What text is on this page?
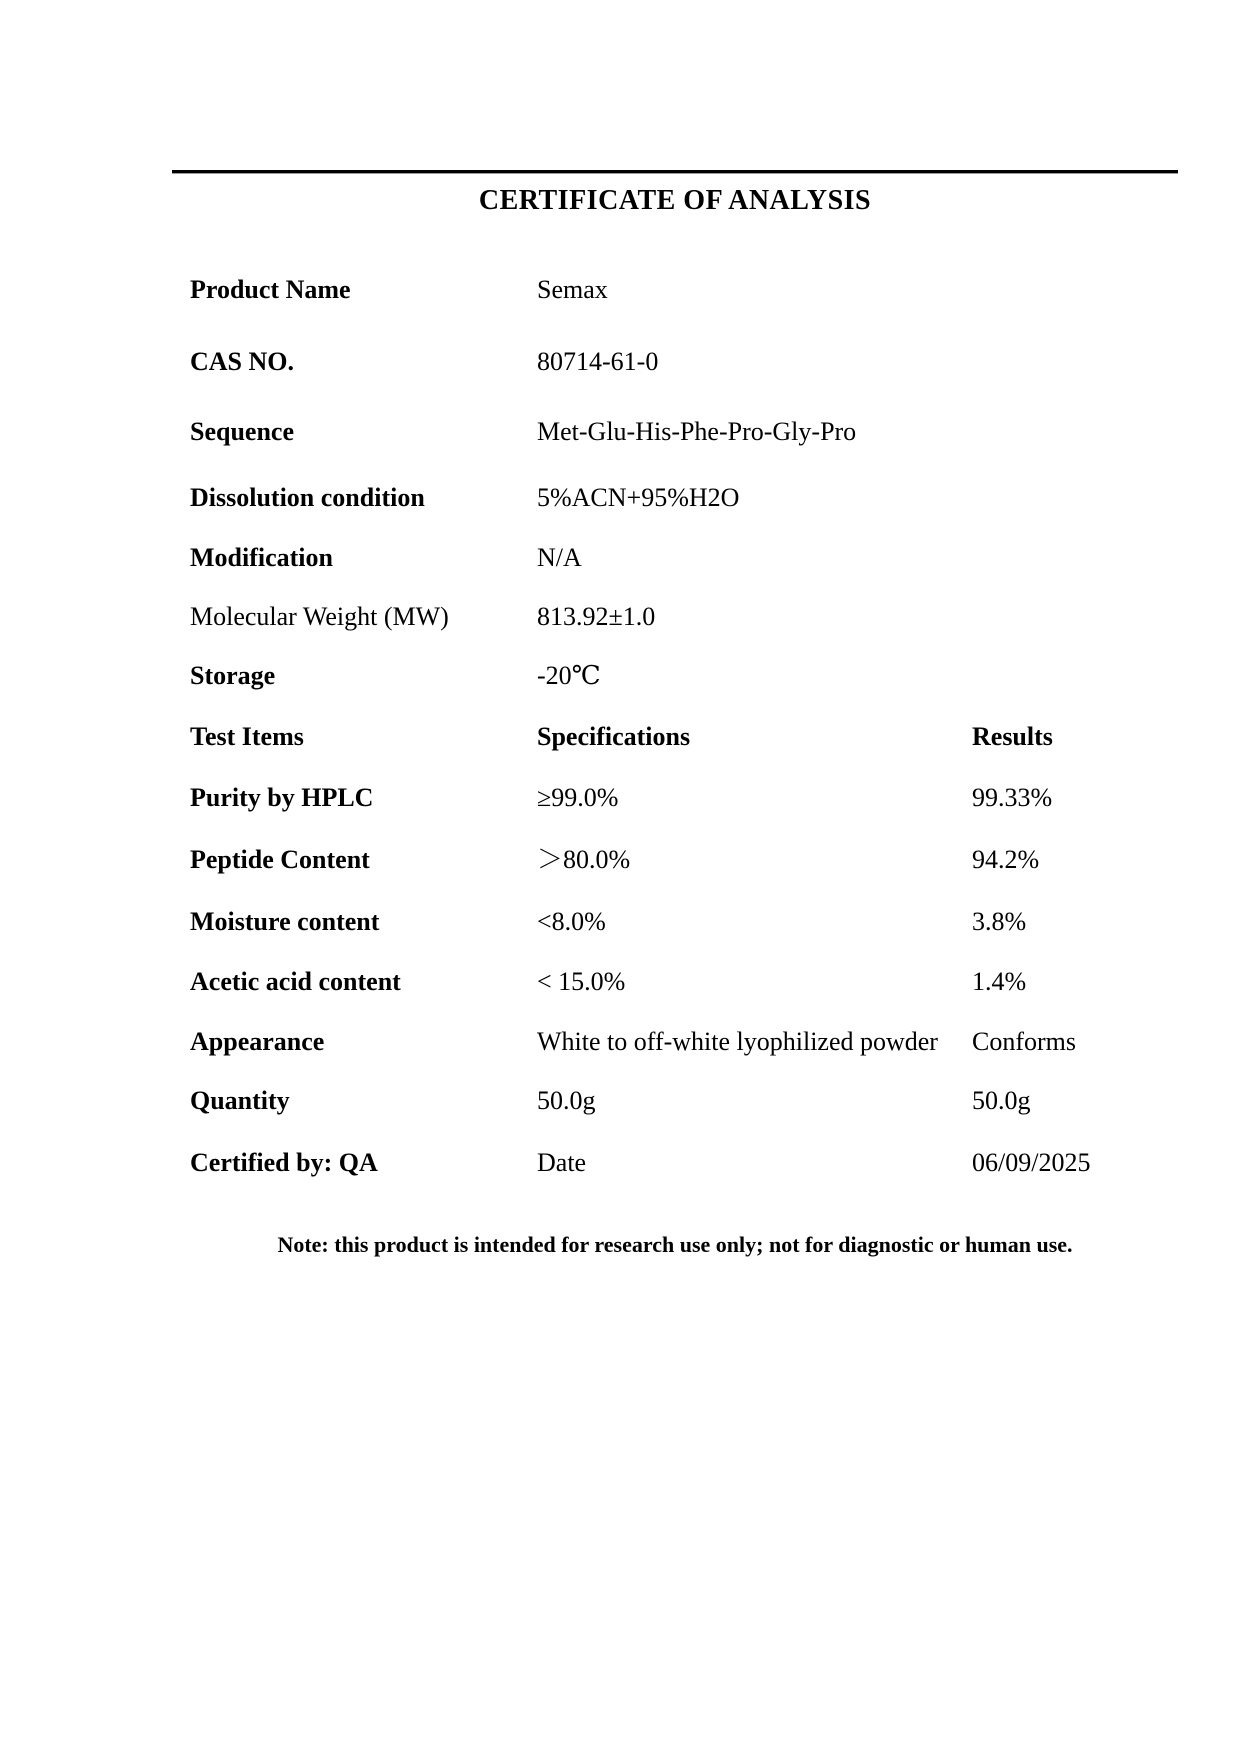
CERTIFICATE OF ANALYSIS
Product Name	Semax
CAS NO.	80714-61-0
Sequence	Met-Glu-His-Phe-Pro-Gly-Pro
Dissolution condition	5%ACN+95%H2O
Modification	N/A
Molecular Weight (MW)	813.92±1.0
Storage	-20℃
Test Items	Specifications	Results
Purity by HPLC	≥99.0%	99.33%
Peptide Content	＞80.0%	94.2%
Moisture content	<8.0%	3.8%
Acetic acid content	< 15.0%	1.4%
Appearance	White to off-white lyophilized powder	Conforms
Quantity	50.0g	50.0g
Certified by: QA	Date	06/09/2025

Note: this product is intended for research use only; not for diagnostic or human use.
